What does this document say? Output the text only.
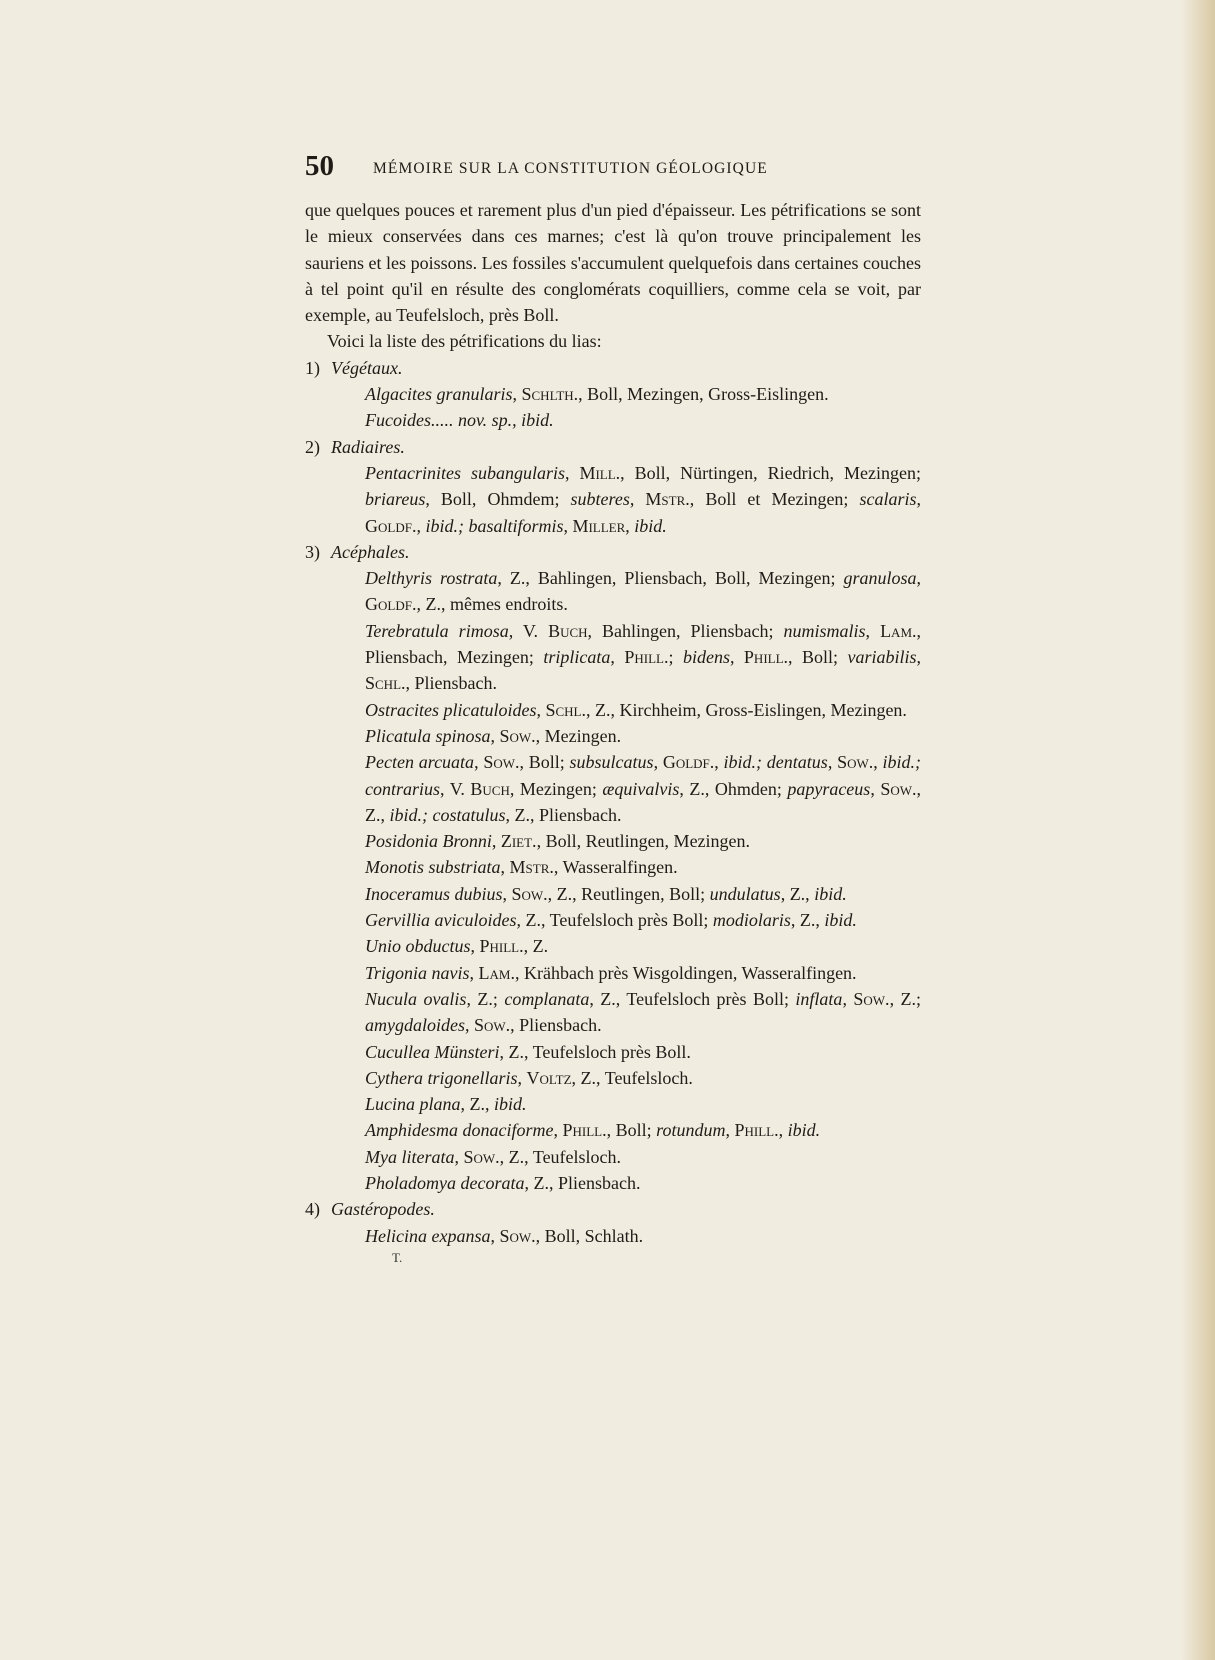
50	MÉMOIRE SUR LA CONSTITUTION GÉOLOGIQUE

que quelques pouces et rarement plus d'un pied d'épaisseur. Les pétrifications se sont le mieux conservées dans ces marnes; c'est là qu'on trouve principalement les sauriens et les poissons. Les fossiles s'accumulent quelquefois dans certaines couches à tel point qu'il en résulte des conglomérats coquilliers, comme cela se voit, par exemple, au Teufelsloch, près Boll.

Voici la liste des pétrifications du lias:

1) Végétaux.

Algacites granularis, Schlth., Boll, Mezingen, Gross-Eislingen.

Fucoides..... nov. sp., ibid.

2) Radiaires.

Pentacrinites subangularis, Mill., Boll, Nürtingen, Riedrich, Mezingen; briareus, Boll, Ohmdem; subteres, Mstr., Boll et Mezingen; scalaris, Goldf., ibid.; basaltiformis, Miller, ibid.

3) Acéphales.

Delthyris rostrata, Z., Bahlingen, Pliensbach, Boll, Mezingen; granulosa, Goldf., Z., mêmes endroits.

Terebratula rimosa, V. Buch, Bahlingen, Pliensbach; numismalis, Lam., Pliensbach, Mezingen; triplicata, Phill.; bidens, Phill., Boll; variabilis, Schl., Pliensbach.

Ostracites plicatuloides, Schl., Z., Kirchheim, Gross-Eislingen, Mezingen.

Plicatula spinosa, Sow., Mezingen.

Pecten arcuata, Sow., Boll; subsulcatus, Goldf., ibid.; dentatus, Sow., ibid.; contrarius, V. Buch, Mezingen; æquivalvis, Z., Ohmden; papyraceus, Sow., Z., ibid.; costatulus, Z., Pliensbach.

Posidonia Bronni, Ziet., Boll, Reutlingen, Mezingen.

Monotis substriata, Mstr., Wasseralfingen.

Inoceramus dubius, Sow., Z., Reutlingen, Boll; undulatus, Z., ibid.

Gervillia aviculoides, Z., Teufelsloch près Boll; modiolaris, Z., ibid.

Unio obductus, Phill., Z.

Trigonia navis, Lam., Krähbach près Wisgoldingen, Wasseralfingen.

Nucula ovalis, Z.; complanata, Z., Teufelsloch près Boll; inflata, Sow., Z.; amygdaloides, Sow., Pliensbach.

Cucullea Münsteri, Z., Teufelsloch près Boll.

Cythera trigonellaris, Voltz, Z., Teufelsloch.

Lucina plana, Z., ibid.

Amphidesma donaciforme, Phill., Boll; rotundum, Phill., ibid.

Mya literata, Sow., Z., Teufelsloch.

Pholadomya decorata, Z., Pliensbach.

4) Gastéropodes.

Helicina expansa, Sow., Boll, Schlath.

T.
